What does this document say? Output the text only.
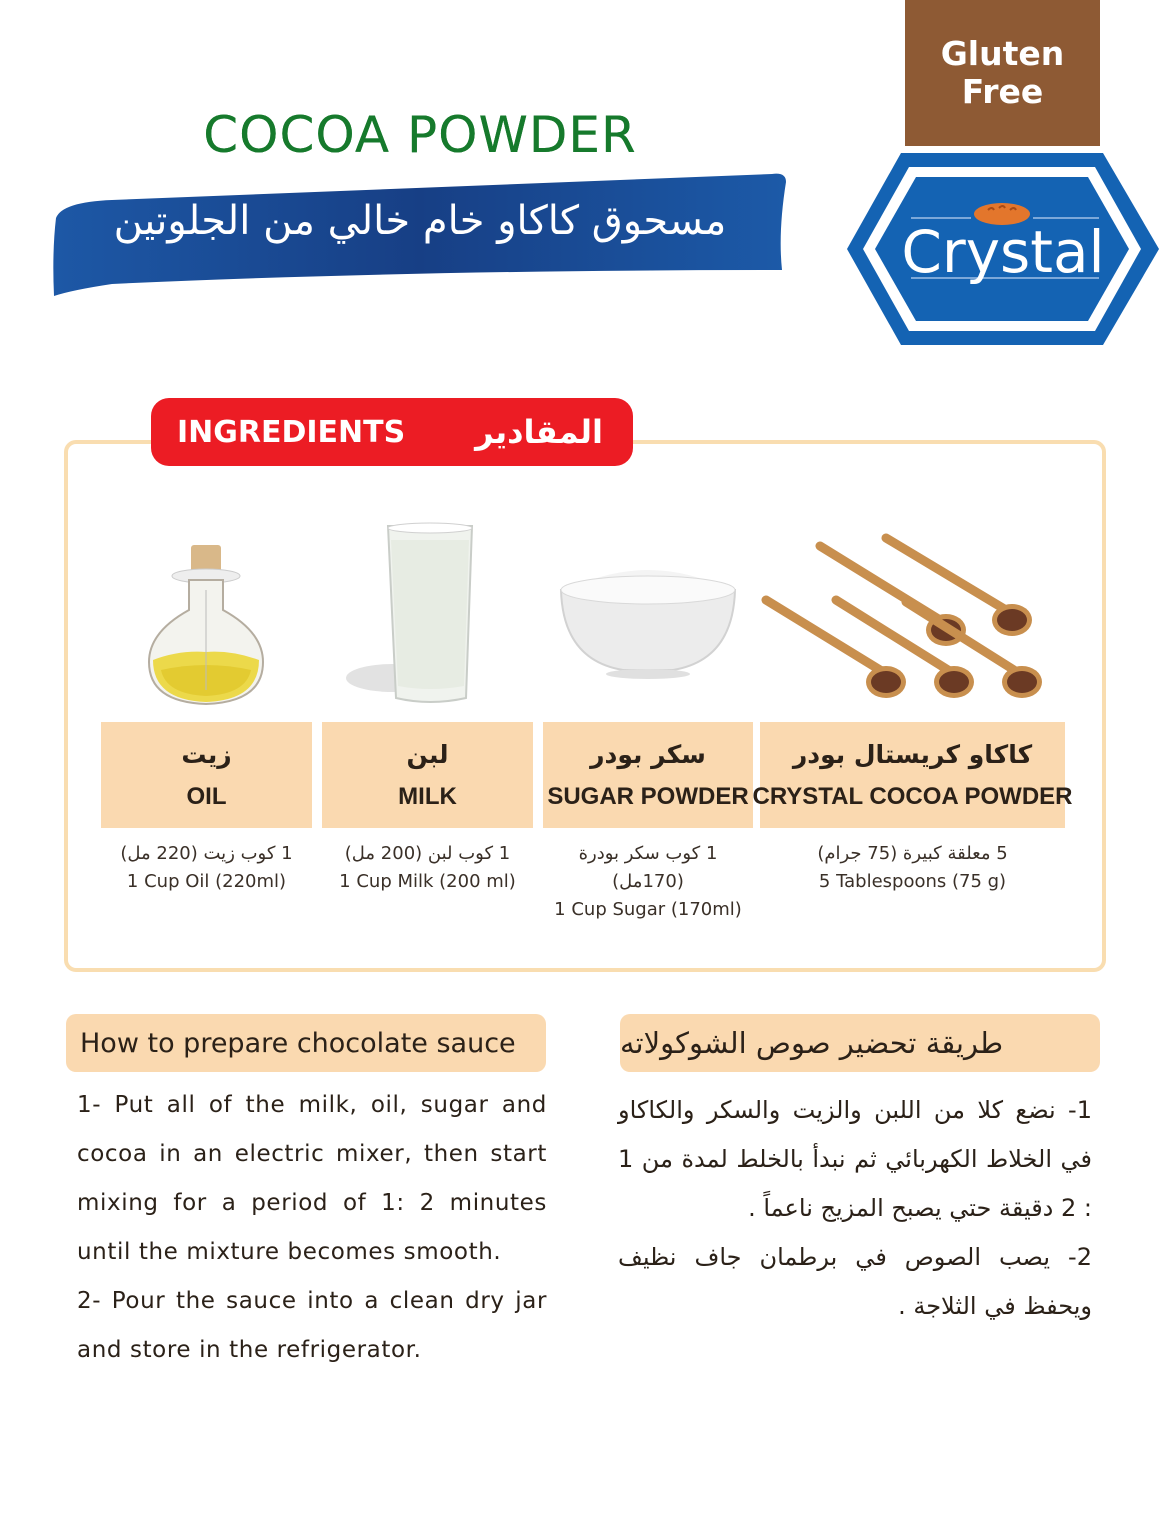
Gluten
Free
Crystal
COCOA POWDER
مسحوق كاكاو خام خالي من الجلوتين
INGREDIENTS المقادير
زيت
OIL
1 كوب زيت (220 مل)
1 Cup Oil (220ml)
لبن
MILK
1 كوب لبن (200 مل)
1 Cup Milk (200 ml)
سكر بودر
SUGAR POWDER
1 كوب سكر بودرة (170مل)
1 Cup Sugar (170ml)
كاكاو كريستال بودر
CRYSTAL COCOA POWDER
5 معلقة كبيرة (75 جرام)
5 Tablespoons (75 g)
How to prepare chocolate sauce

1- Put all of the milk, oil, sugar and cocoa in an electric mixer, then start mixing for a period of 1: 2 minutes until the mixture becomes smooth.

2- Pour the sauce into a clean dry jar and store in the refrigerator.

طريقة تحضير صوص الشوكولاته

1- نضع كلا من اللبن والزيت والسكر والكاكاو في الخلاط الكهربائي ثم نبدأ بالخلط لمدة من 1 : 2 دقيقة حتي يصبح المزيج ناعماً .

2- يصب الصوص في برطمان جاف نظيف ويحفظ في الثلاجة .
